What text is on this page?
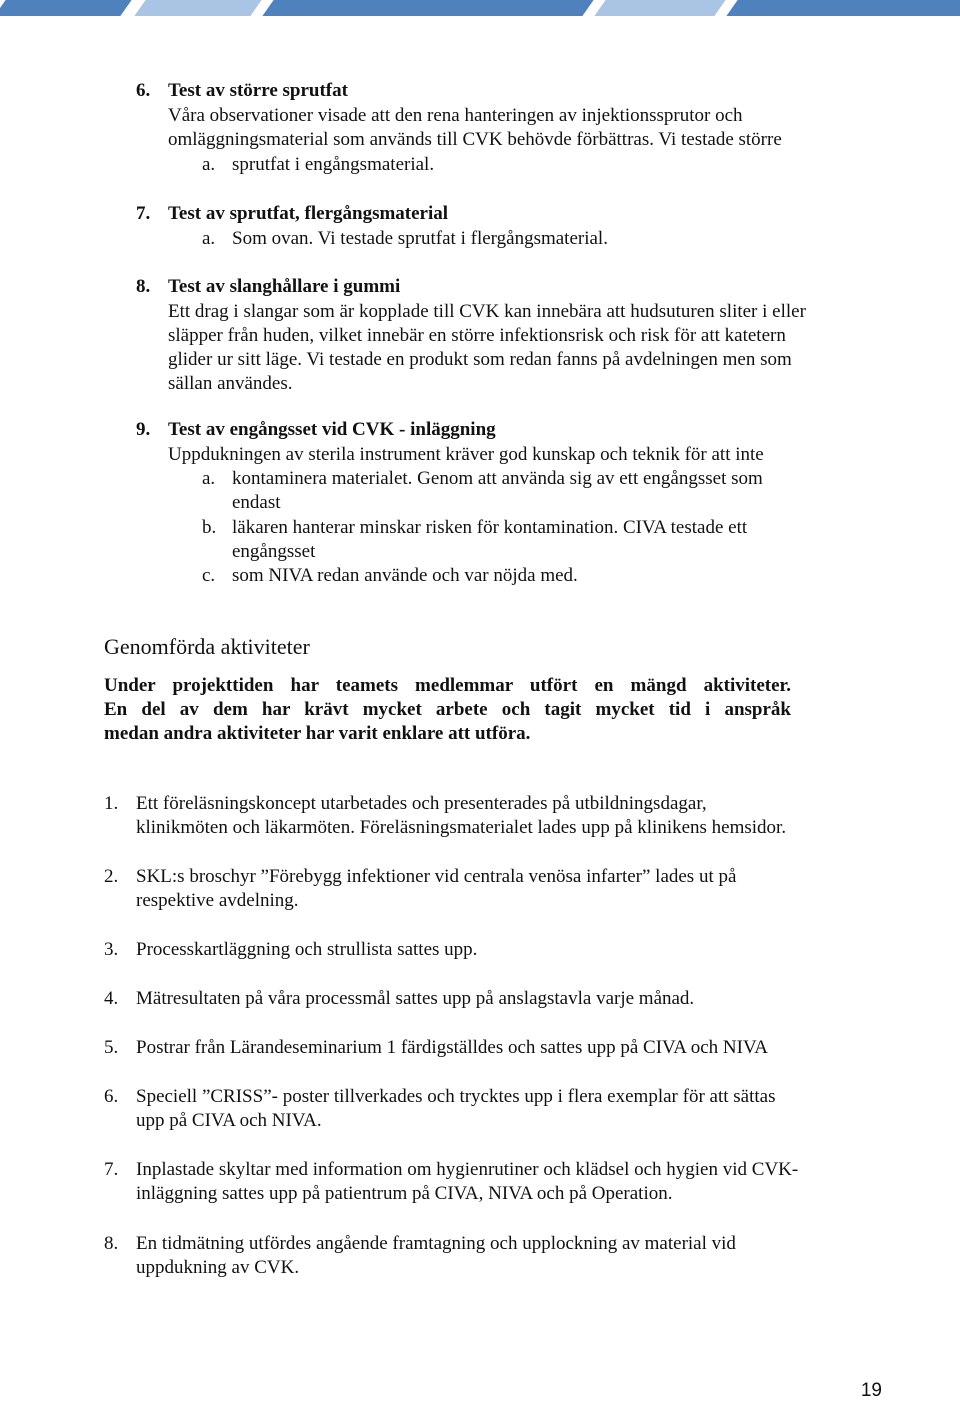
6. Test av större sprutfat
Våra observationer visade att den rena hanteringen av injektionssprutor och
omläggningsmaterial som används till CVK behövde förbättras. Vi testade större
a. sprutfat i engångsmaterial.
7. Test av sprutfat, flergångsmaterial
a. Som ovan. Vi testade sprutfat i flergångsmaterial.
8. Test av slanghållare i gummi
Ett drag i slangar som är kopplade till CVK kan innebära att hudsuturen sliter i eller
släpper från huden, vilket innebär en större infektionsrisk och risk för att katetern
glider ur sitt läge. Vi testade en produkt som redan fanns på avdelningen men som
sällan användes.
9. Test av engångsset vid CVK - inläggning
Uppdukningen av sterila instrument kräver god kunskap och teknik för att inte
a. kontaminera materialet. Genom att använda sig av ett engångsset som
endast
b. läkaren hanterar minskar risken för kontamination. CIVA testade ett
engångsset
c. som NIVA redan använde och var nöjda med.
Genomförda aktiviteter
Under projekttiden har teamets medlemmar utfört en mängd aktiviteter.
En del av dem har krävt mycket arbete och tagit mycket tid i anspråk
medan andra aktiviteter har varit enklare att utföra.
1. Ett föreläsningskoncept utarbetades och presenterades på utbildningsdagar,
klinikmöten och läkarmöten. Föreläsningsmaterialet lades upp på klinikens hemsidor.
2. SKL:s broschyr ”Förebygg infektioner vid centrala venösa infarter” lades ut på
respektive avdelning.
3. Processkartläggning och strullista sattes upp.
4. Mätresultaten på våra processmål sattes upp på anslagstavla varje månad.
5. Postrar från Lärandeseminarium 1 färdigställdes och sattes upp på CIVA och NIVA
6. Speciell ”CRISS”- poster tillverkades och trycktes upp i flera exemplar för att sättas
upp på CIVA och NIVA.
7. Inplastade skyltar med information om hygienrutiner och klädsel och hygien vid CVK-
inläggning sattes upp på patientrum på CIVA, NIVA och på Operation.
8. En tidmätning utfördes angående framtagning och upplockning av material vid
uppdukning av CVK.
19
